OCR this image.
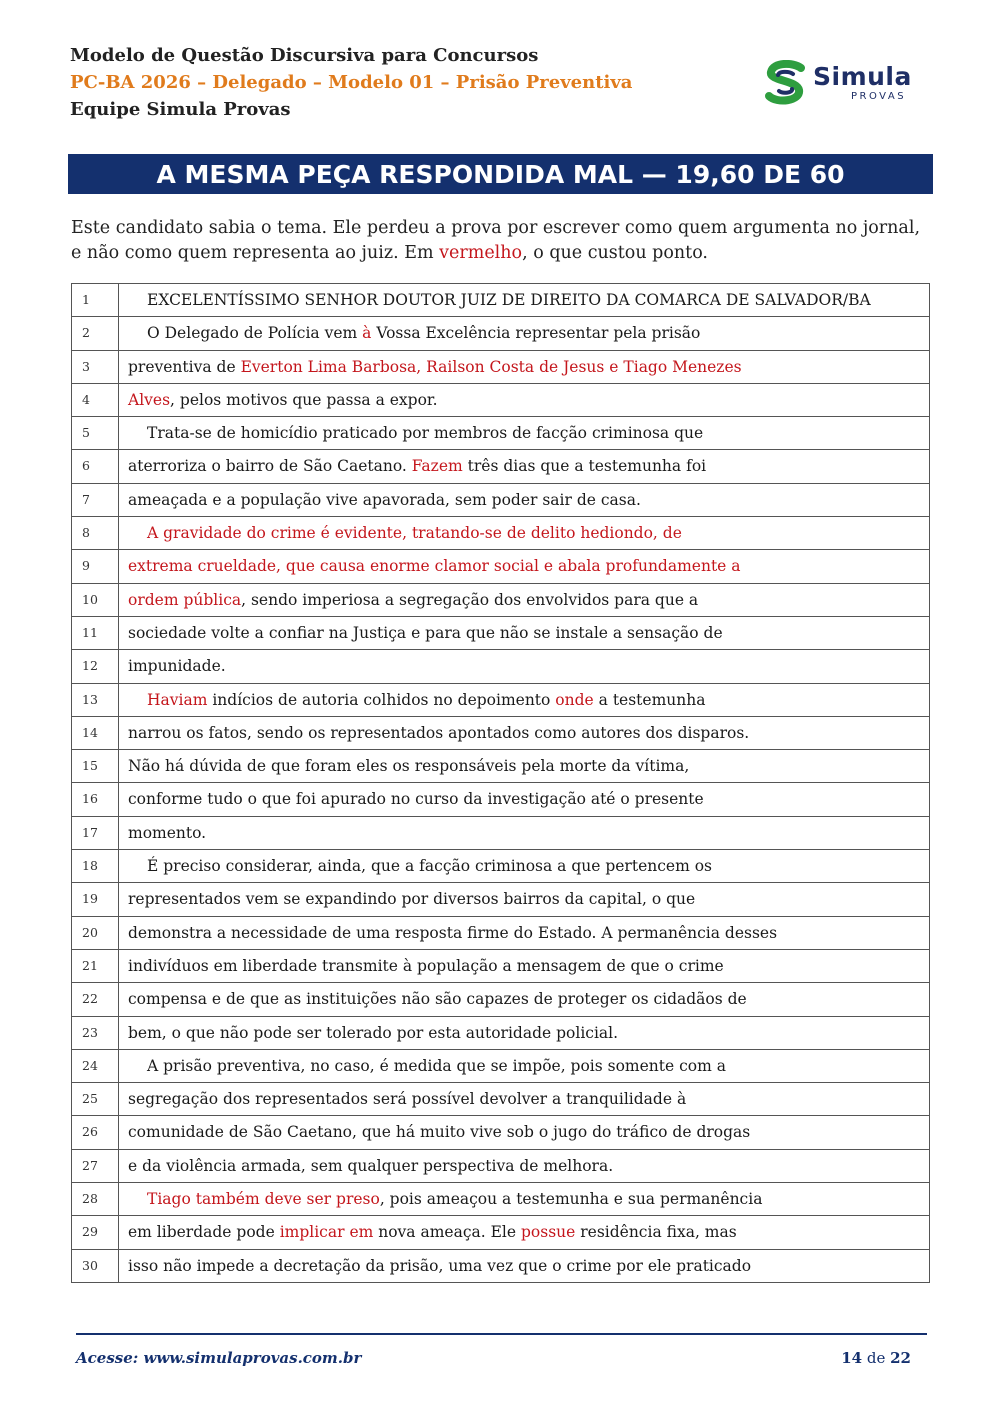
Modelo de Questão Discursiva para Concursos
PC-BA 2026 – Delegado – Modelo 01 – Prisão Preventiva
Equipe Simula Provas
Simula
PROVAS
A MESMA PEÇA RESPONDIDA MAL — 19,60 DE 60
Este candidato sabia o tema. Ele perdeu a prova por escrever como quem argumenta no jornal, e não como quem representa ao juiz. Em vermelho, o que custou ponto.
1	EXCELENTÍSSIMO SENHOR DOUTOR JUIZ DE DIREITO DA COMARCA DE SALVADOR/BA
2	O Delegado de Polícia vem à Vossa Excelência representar pela prisão
3	preventiva de Everton Lima Barbosa, Railson Costa de Jesus e Tiago Menezes
4	Alves, pelos motivos que passa a expor.
5	Trata-se de homicídio praticado por membros de facção criminosa que
6	aterroriza o bairro de São Caetano. Fazem três dias que a testemunha foi
7	ameaçada e a população vive apavorada, sem poder sair de casa.
8	A gravidade do crime é evidente, tratando-se de delito hediondo, de
9	extrema crueldade, que causa enorme clamor social e abala profundamente a
10	ordem pública, sendo imperiosa a segregação dos envolvidos para que a
11	sociedade volte a confiar na Justiça e para que não se instale a sensação de
12	impunidade.
13	Haviam indícios de autoria colhidos no depoimento onde a testemunha
14	narrou os fatos, sendo os representados apontados como autores dos disparos.
15	Não há dúvida de que foram eles os responsáveis pela morte da vítima,
16	conforme tudo o que foi apurado no curso da investigação até o presente
17	momento.
18	É preciso considerar, ainda, que a facção criminosa a que pertencem os
19	representados vem se expandindo por diversos bairros da capital, o que
20	demonstra a necessidade de uma resposta firme do Estado. A permanência desses
21	indivíduos em liberdade transmite à população a mensagem de que o crime
22	compensa e de que as instituições não são capazes de proteger os cidadãos de
23	bem, o que não pode ser tolerado por esta autoridade policial.
24	A prisão preventiva, no caso, é medida que se impõe, pois somente com a
25	segregação dos representados será possível devolver a tranquilidade à
26	comunidade de São Caetano, que há muito vive sob o jugo do tráfico de drogas
27	e da violência armada, sem qualquer perspectiva de melhora.
28	Tiago também deve ser preso, pois ameaçou a testemunha e sua permanência
29	em liberdade pode implicar em nova ameaça. Ele possue residência fixa, mas
30	isso não impede a decretação da prisão, uma vez que o crime por ele praticado
Acesse: www.simulaprovas.com.br	14 de 22
